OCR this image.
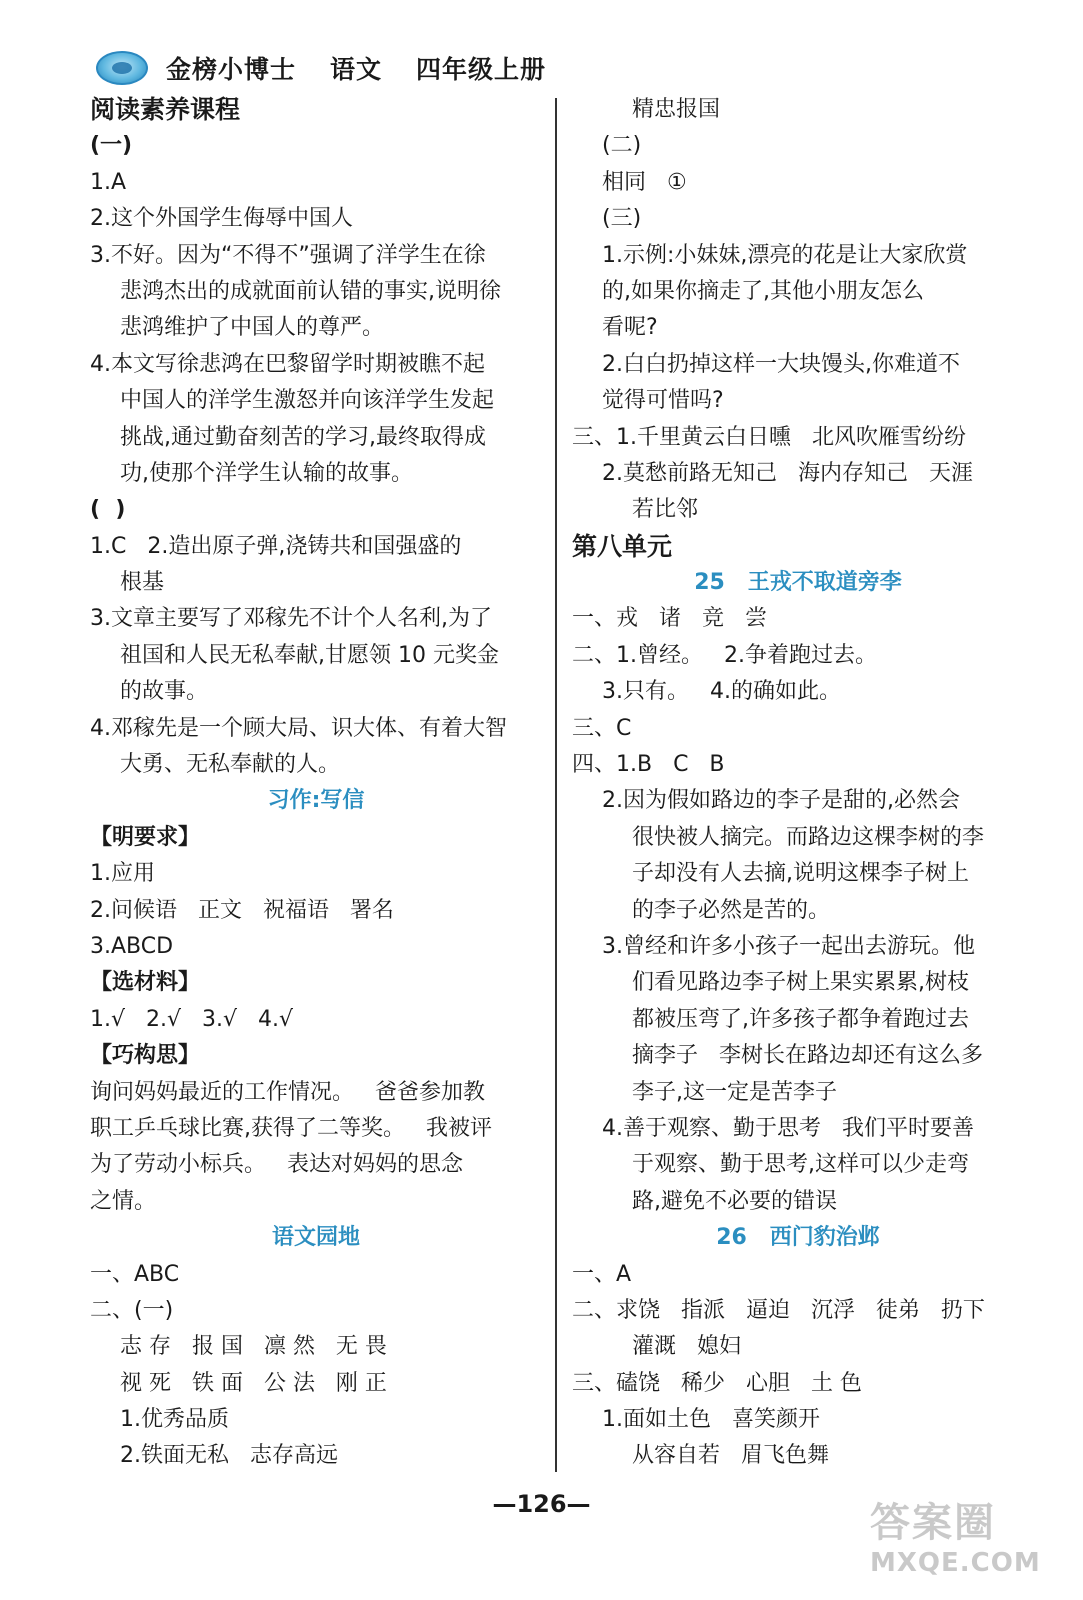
金榜小博士 语文 四年级上册
阅读素养课程
(一)
1.A
2.这个外国学生侮辱中国人
3.不好。因为“不得不”强调了洋学生在徐
悲鸿杰出的成就面前认错的事实,说明徐
悲鸿维护了中国人的尊严。
4.本文写徐悲鸿在巴黎留学时期被瞧不起
中国人的洋学生激怒并向该洋学生发起
挑战,通过勤奋刻苦的学习,最终取得成
功,使那个洋学生认输的故事。
(  )
1.C   2.造出原子弹,浇铸共和国强盛的
根基
3.文章主要写了邓稼先不计个人名利,为了
祖国和人民无私奉献,甘愿领 10 元奖金
的故事。
4.邓稼先是一个顾大局、识大体、有着大智
大勇、无私奉献的人。
习作:写信
【明要求】
1.应用
2.问候语   正文   祝福语   署名
3.ABCD
【选材料】
1.√   2.√   3.√   4.√
【巧构思】
询问妈妈最近的工作情况。   爸爸参加教
职工乒乓球比赛,获得了二等奖。   我被评
为了劳动小标兵。   表达对妈妈的思念
之情。
语文园地
一、ABC
二、(一)
志 存   报 国   凛 然   无 畏
视 死   铁 面   公 法   刚 正
1.优秀品质
2.铁面无私   志存高远
精忠报国
(二)
相同   ①
(三)
1.示例:小妹妹,漂亮的花是让大家欣赏
的,如果你摘走了,其他小朋友怎么
看呢?
2.白白扔掉这样一大块馒头,你难道不
觉得可惜吗?
三、1.千里黄云白日曛   北风吹雁雪纷纷
2.莫愁前路无知己   海内存知己   天涯
若比邻
第八单元
25   王戎不取道旁李
一、戎   诸   竞   尝
二、1.曾经。   2.争着跑过去。
3.只有。   4.的确如此。
三、C
四、1.B   C   B
2.因为假如路边的李子是甜的,必然会
很快被人摘完。而路边这棵李树的李
子却没有人去摘,说明这棵李子树上
的李子必然是苦的。
3.曾经和许多小孩子一起出去游玩。他
们看见路边李子树上果实累累,树枝
都被压弯了,许多孩子都争着跑过去
摘李子   李树长在路边却还有这么多
李子,这一定是苦李子
4.善于观察、勤于思考   我们平时要善
于观察、勤于思考,这样可以少走弯
路,避免不必要的错误
26   西门豹治邺
一、A
二、求饶   指派   逼迫   沉浮   徒弟   扔下
灌溉   媳妇
三、磕饶   稀少   心胆   土 色
1.面如土色   喜笑颜开
从容自若   眉飞色舞
—126—	答案圈
MXQE.COM
